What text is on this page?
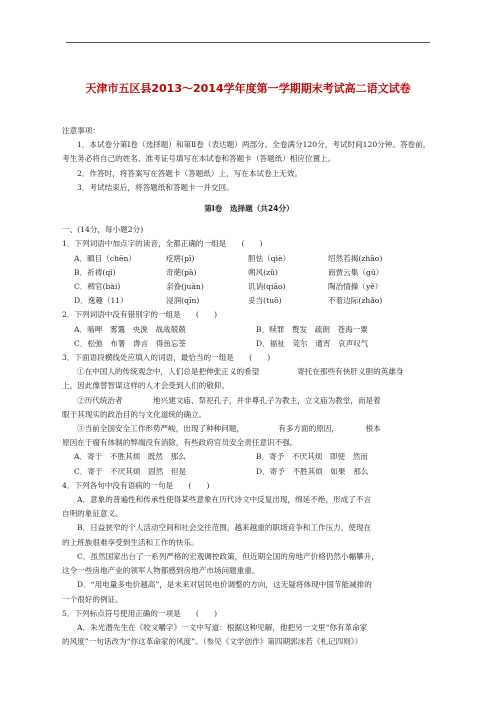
天津市五区县2013～2014学年度第一学期期末考试高二语文试卷

注意事项：

1．本试卷分第Ⅰ卷（选择题）和第Ⅱ卷（表达题）两部分。全卷满分120分，考试时间120分钟。答卷前，考生务必将自己的姓名、准考证号填写在本试卷和答题卡（答题纸）相应位置上。

2．作答时，将答案写在答题卡（答题纸）上，写在本试卷上无效。

3．考试结束后，将答题纸和答题卡一并交回。

第Ⅰ卷　选择题（共24分）

一、(14分，每小题2分)

1．下列词语中加点字的读音，全都正确的一组是　　(　　)

A．瞋目（chēn）	疙瘩(pǐ)	胆怯（qiè）	绍然若揭(zhāo)

B．祈祷(qǐ)	奇葩(pā)	朔风(zǔ)	商贾云集（gǔ）

C．稗官(bài)	亲眷(juàn)	讥诮(qiāo)	陶冶情操（yě）

D．逸趣（11）	浸润(qīn)	妥当(tuǒ)	不着边际(zhǎo)

2．下列词语中没有错别字的一组是　　(　　)

A．啮呷　雾霭　央浼　战战兢兢	B．赎罪　赘发　疏朗　苍海一粟

C．松弛　布署　谗言　得鱼忘筌	D．福祉　莞尔　通宵　哀声叹气

3．下面语段横线处应填入的词语，最恰当的一组是　　(　　)

①在中国人的传统观念中，人们总是把伸张正义的希望　　　　　寄托在那些有侠肝义胆的英雄身

上，因此像替智谋这样的人才会受到人们的敬仰。

②历代统治者　　　　地兴建文庙、祭祀孔子，并非尊孔子为教主，立文庙为教堂，而是着

眼于其现实的政治目的与文化道统的确立。

③当前全国安全工作形势严峻，出现了种种问题，　　　　　有多方面的原因，　　　　根本

原因在于腐有体制的弊端没有消除，有些政府官员安全责任意识不强。

A．寄于　不胜其烦　既然　那么	B．寄予　不厌其烦　即使　然而

C．寄于　不厌其烦　固然　但是	D．寄予　不胜其烦　如果　那么

4．下列各句中没有语病的一句是　　(　　)

A．意象的普遍性和传承性使得某些意象在历代诗文中反复出现，绵延不绝，形成了不言

自明的象征意义。

B．日益狭窄的个人活动空间和社会交往范围，越来越重的职场竞争和工作压力，使现在

的上班族很难享受到生活和工作的快乐。

C．虽然国家出台了一系列严格的宏观调控政策，但近期全国的房地产价格仍然小幅攀升，

这令一些房地产业的领军人物都感到房地产市场问题重重。

D．“用电量多电价越高”，是未来对居民电价调整的方向，这无疑将体现中国节能减排的

一个很好的例证。

5．下列标点符号使用正确的一项是　　(　　)

A．朱光潜先生在《咬文嚼字》一文中写道：根据这种见解，他把另一文里“你有革命家

的风度”一句话改为“你这革命家的风度”。（参见《文学创作》第四期郭沫若《札记四则》）
